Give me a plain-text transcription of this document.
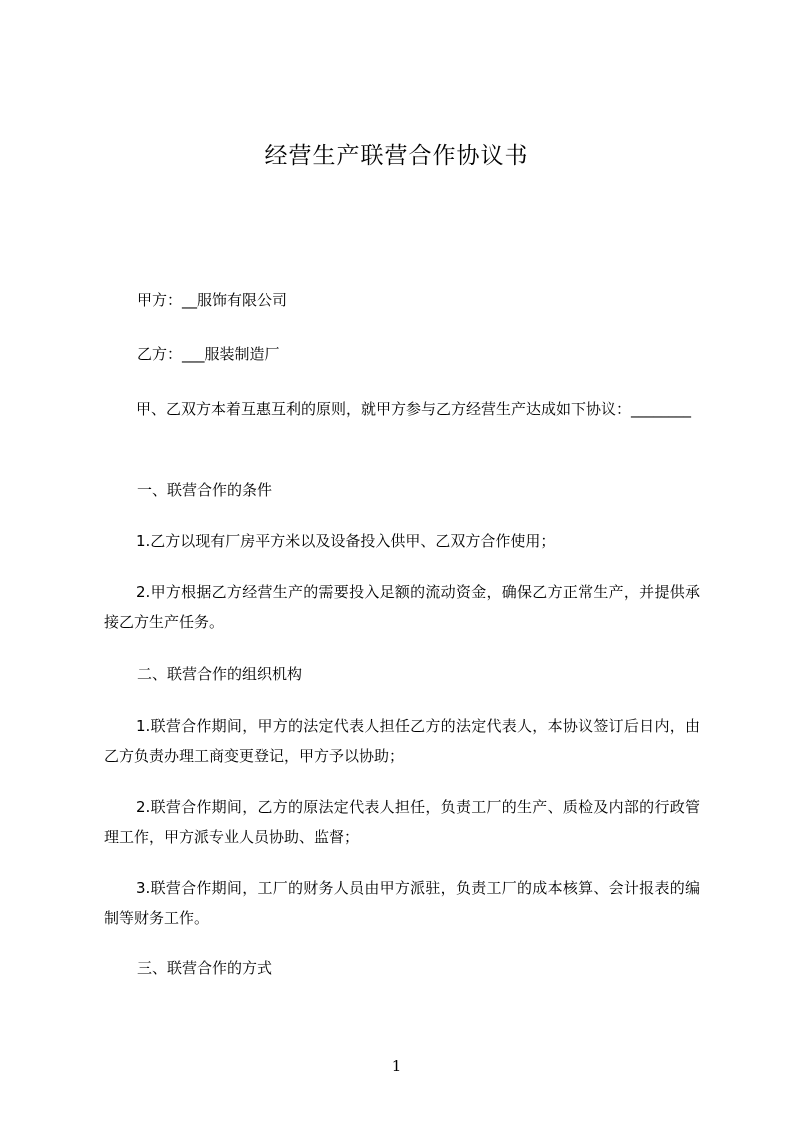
经营生产联营合作协议书
甲方：__服饰有限公司
乙方：___服装制造厂
甲、乙双方本着互惠互利的原则，就甲方参与乙方经营生产达成如下协议：________
一、联营合作的条件
1.乙方以现有厂房平方米以及设备投入供甲、乙双方合作使用；
2.甲方根据乙方经营生产的需要投入足额的流动资金，确保乙方正常生产，并提供承接乙方生产任务。
二、联营合作的组织机构
1.联营合作期间，甲方的法定代表人担任乙方的法定代表人，本协议签订后日内，由乙方负责办理工商变更登记，甲方予以协助；
2.联营合作期间，乙方的原法定代表人担任，负责工厂的生产、质检及内部的行政管理工作，甲方派专业人员协助、监督；
3.联营合作期间，工厂的财务人员由甲方派驻，负责工厂的成本核算、会计报表的编制等财务工作。
三、联营合作的方式
1
